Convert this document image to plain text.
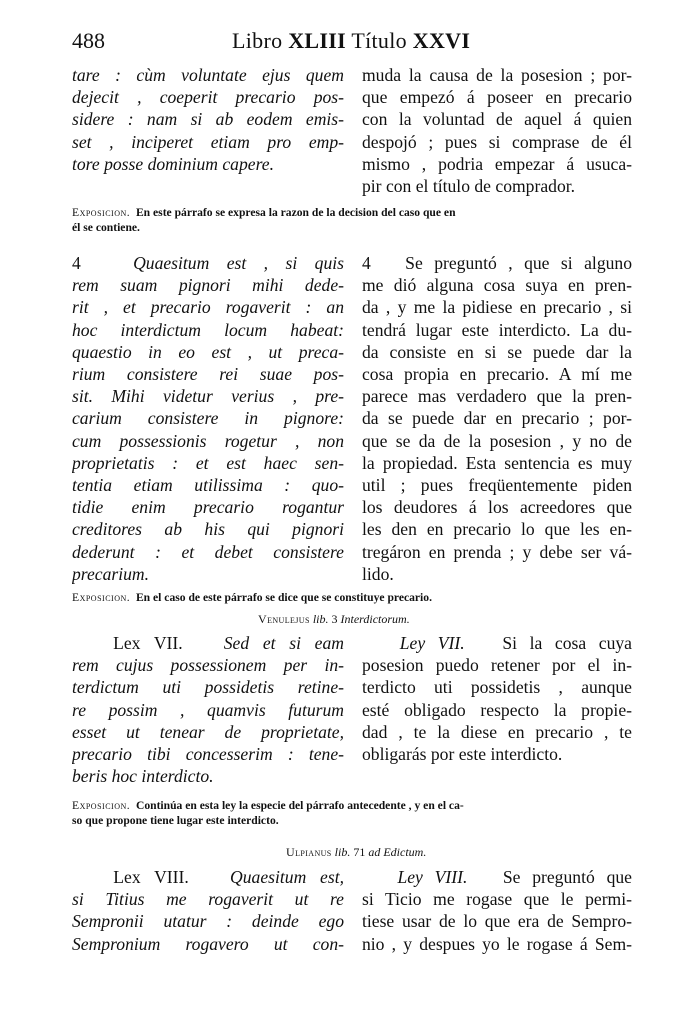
488	Libro XLIII Título XXVI
tare : cùm voluntate ejus quem
dejecit , coeperit precario pos-
sidere : nam si ab eodem emis-
set , inciperet etiam pro emp-
tore posse dominium capere.
muda la causa de la posesion ; por-
que empezó á poseer en precario
con la voluntad de aquel á quien
despojó ; pues si comprase de él
mismo , podria empezar á usuca-
pir con el título de comprador.
Exposicion. En este párrafo se expresa la razon de la decision del caso que en
él se contiene.
4	Quaesitum est , si quis
rem suam pignori mihi dede-
rit , et precario rogaverit : an
hoc interdictum locum habeat:
quaestio in eo est , ut preca-
rium consistere rei suae pos-
sit. Mihi videtur verius , pre-
carium consistere in pignore:
cum possessionis rogetur , non
proprietatis : et est haec sen-
tentia etiam utilissima : quo-
tidie enim precario rogantur
creditores ab his qui pignori
dederunt : et debet consistere
precarium.
4 Se preguntó , que si alguno
me dió alguna cosa suya en pren-
da , y me la pidiese en precario , si
tendrá lugar este interdicto. La du-
da consiste en si se puede dar la
cosa propia en precario. A mí me
parece mas verdadero que la pren-
da se puede dar en precario ; por-
que se da de la posesion , y no de
la propiedad. Esta sentencia es muy
util ; pues freqüentemente piden
los deudores á los acreedores que
les den en precario lo que les en-
tregáron en prenda ; y debe ser vá-
lido.
Exposicion. En el caso de este párrafo se dice que se constituye precario.
Venulejus lib. 3 Interdictorum.
Lex VII. Sed et si eam
rem cujus possessionem per in-
terdictum uti possidetis retine-
re possim , quamvis futurum
esset ut tenear de proprietate,
precario tibi concesserim : tene-
beris hoc interdicto.
Ley VII. Si la cosa cuya
posesion puedo retener por el in-
terdicto uti possidetis , aunque
esté obligado respecto la propie-
dad , te la diese en precario , te
obligarás por este interdicto.
Exposicion. Continúa en esta ley la especie del párrafo antecedente , y en el ca-
so que propone tiene lugar este interdicto.
Ulpianus lib. 71 ad Edictum.
Lex VIII. Quaesitum est,
si Titius me rogaverit ut re
Sempronii utatur : deinde ego
Sempronium rogavero ut con-
Ley VIII. Se preguntó que
si Ticio me rogase que le permi-
tiese usar de lo que era de Sempro-
nio , y despues yo le rogase á Sem-
